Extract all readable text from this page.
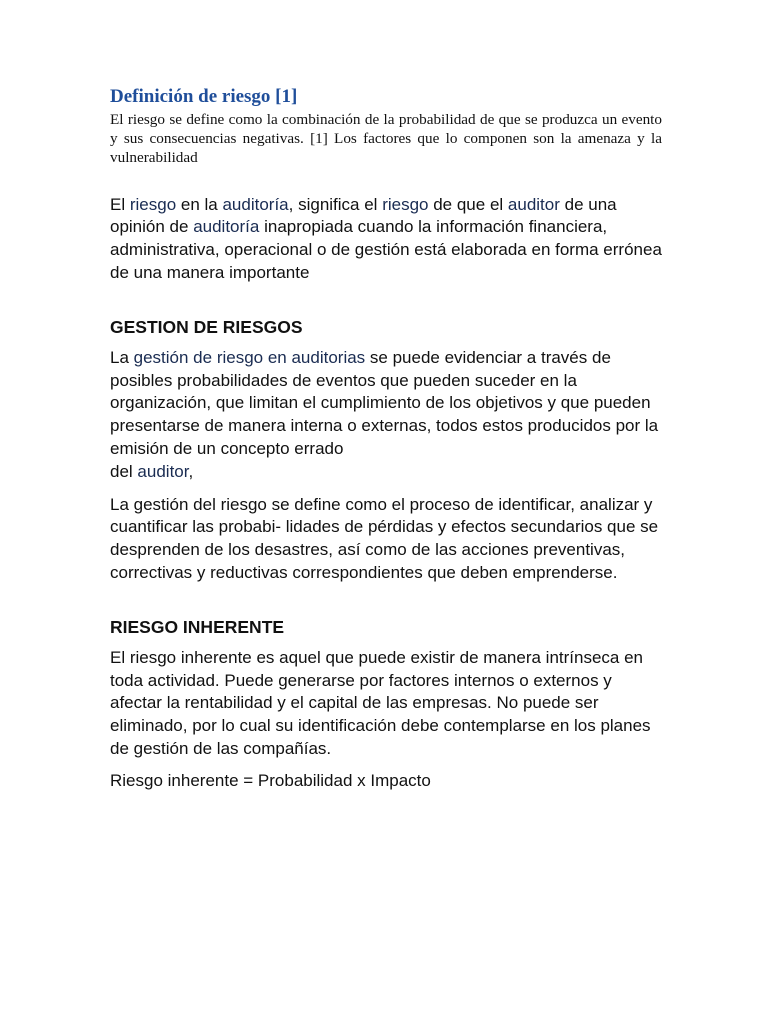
Definición de riesgo [1]

El riesgo se define como la combinación de la probabilidad de que se produzca un evento y sus consecuencias negativas. [1] Los factores que lo componen son la amenaza y la vulnerabilidad

El riesgo en la auditoría, significa el riesgo de que el auditor de una opinión de auditoría inapropiada cuando la información financiera, administrativa, operacional o de gestión está elaborada en forma errónea de una manera importante

GESTION DE RIESGOS

La gestión de riesgo en auditorias se puede evidenciar a través de posibles probabilidades de eventos que pueden suceder en la organización, que limitan el cumplimiento de los objetivos y que pueden presentarse de manera interna o externas, todos estos producidos por la emisión de un concepto errado
del auditor,

La gestión del riesgo se define como el proceso de identificar, analizar y cuantificar las probabi- lidades de pérdidas y efectos secundarios que se desprenden de los desastres, así como de las acciones preventivas, correctivas y reductivas correspondientes que deben emprenderse.

RIESGO INHERENTE

El riesgo inherente es aquel que puede existir de manera intrínseca en toda actividad. Puede generarse por factores internos o externos y afectar la rentabilidad y el capital de las empresas. No puede ser eliminado, por lo cual su identificación debe contemplarse en los planes de gestión de las compañías.

Riesgo inherente = Probabilidad x Impacto
